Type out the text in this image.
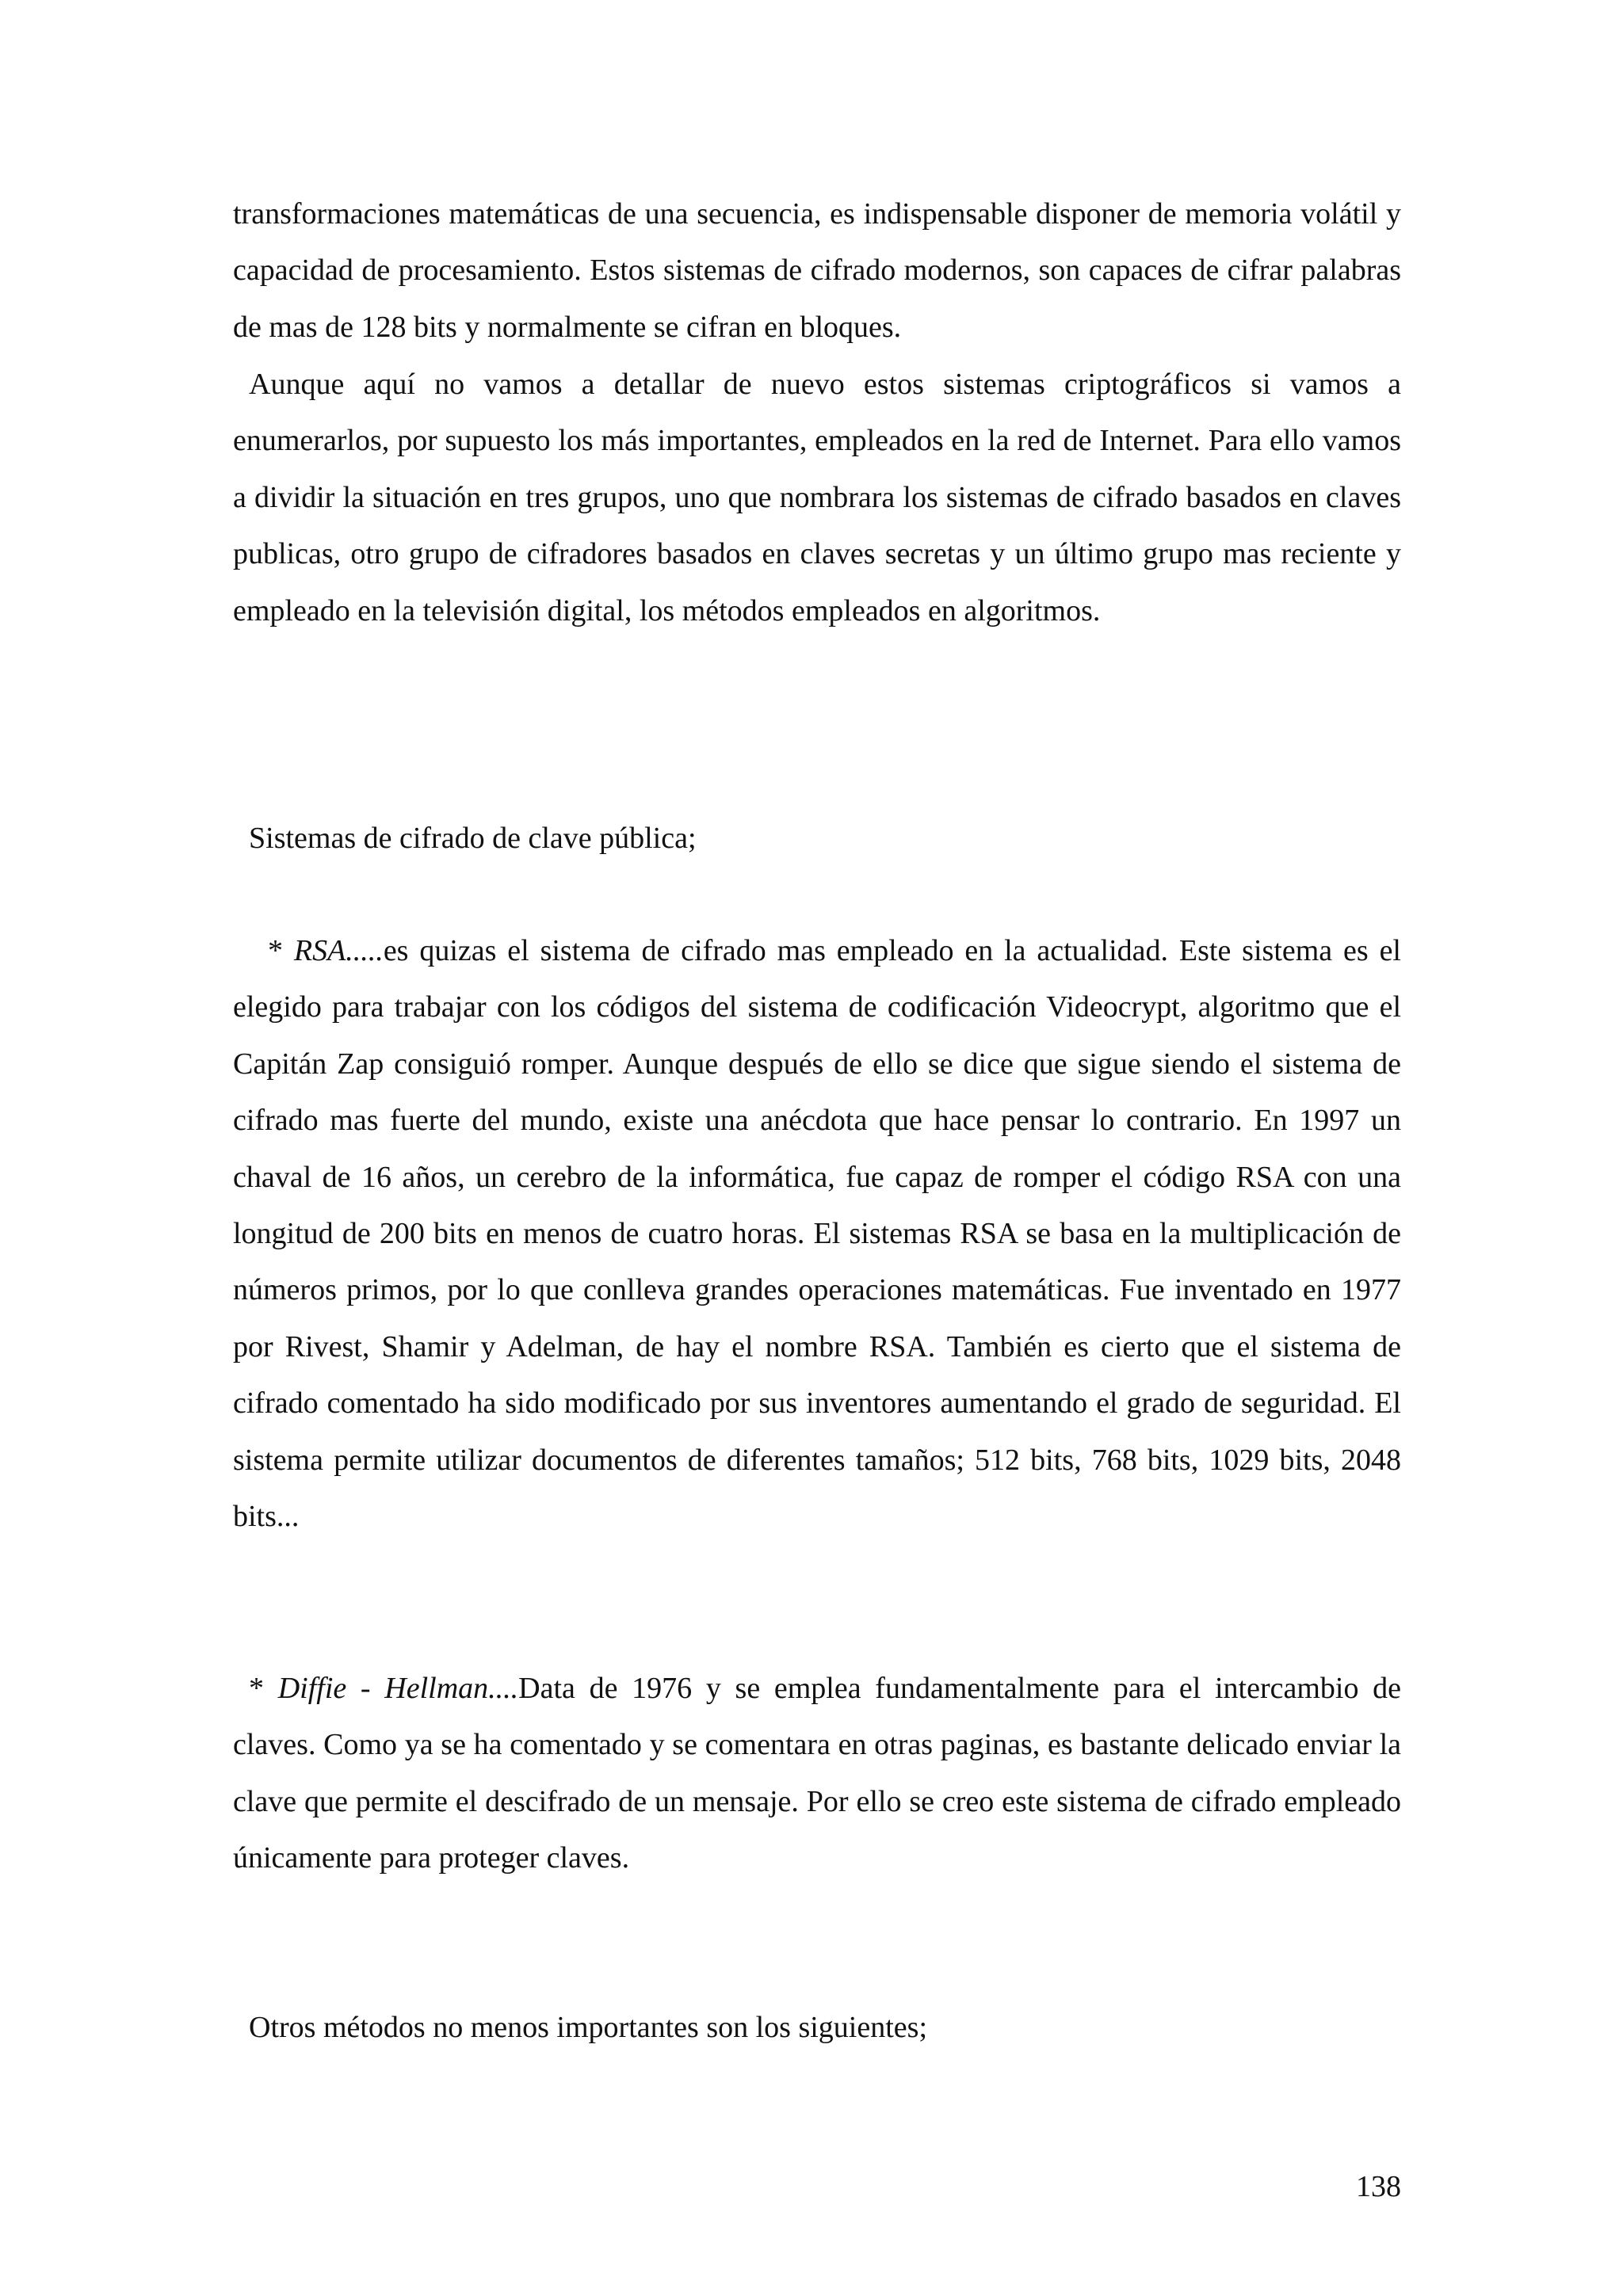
transformaciones matemáticas de una secuencia, es indispensable disponer de memoria volátil y capacidad de procesamiento. Estos sistemas de cifrado modernos, son capaces de cifrar palabras de mas de 128 bits y normalmente se cifran en bloques.

Aunque aquí no vamos a detallar de nuevo estos sistemas criptográficos si vamos a enumerarlos, por supuesto los más importantes, empleados en la red de Internet. Para ello vamos a dividir la situación en tres grupos, uno que nombrara los sistemas de cifrado basados en claves publicas, otro grupo de cifradores basados en claves secretas y un último grupo mas reciente y empleado en la televisión digital, los métodos empleados en algoritmos.

Sistemas de cifrado de clave pública;

* RSA.....es quizas el sistema de cifrado mas empleado en la actualidad. Este sistema es el elegido para trabajar con los códigos del sistema de codificación Videocrypt, algoritmo que el Capitán Zap consiguió romper. Aunque después de ello se dice que sigue siendo el sistema de cifrado mas fuerte del mundo, existe una anécdota que hace pensar lo contrario. En 1997 un chaval de 16 años, un cerebro de la informática, fue capaz de romper el código RSA con una longitud de 200 bits en menos de cuatro horas. El sistemas RSA se basa en la multiplicación de números primos, por lo que conlleva grandes operaciones matemáticas. Fue inventado en 1977 por Rivest, Shamir y Adelman, de hay el nombre RSA. También es cierto que el sistema de cifrado comentado ha sido modificado por sus inventores aumentando el grado de seguridad. El sistema permite utilizar documentos de diferentes tamaños; 512 bits, 768 bits, 1029 bits, 2048 bits...

* Diffie - Hellman....Data de 1976 y se emplea fundamentalmente para el intercambio de claves. Como ya se ha comentado y se comentara en otras paginas, es bastante delicado enviar la clave que permite el descifrado de un mensaje. Por ello se creo este sistema de cifrado empleado únicamente para proteger claves.

Otros métodos no menos importantes son los siguientes;

138
